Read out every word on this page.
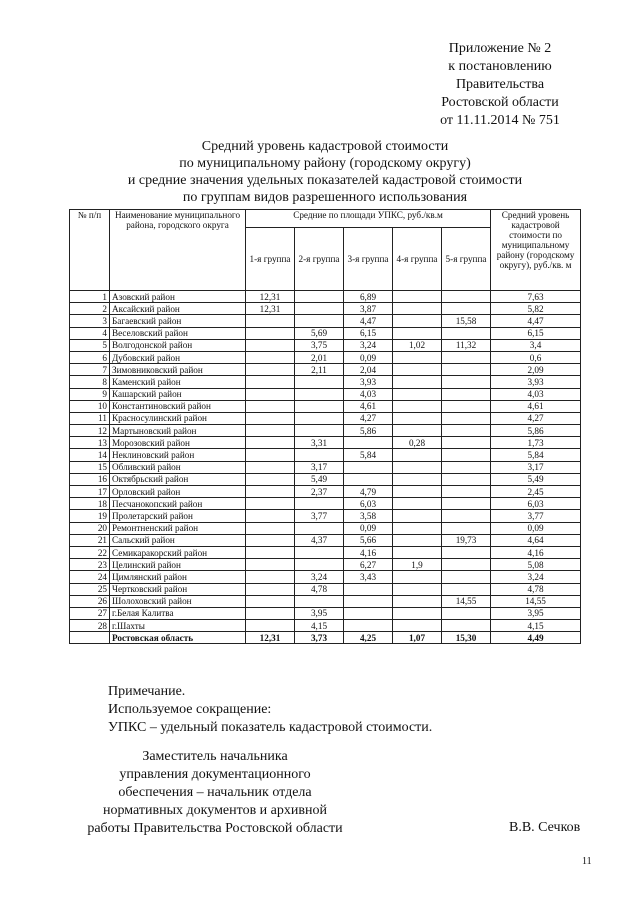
Приложение № 2
к постановлению
Правительства
Ростовской области
от 11.11.2014 № 751
Средний уровень кадастровой стоимости
по муниципальному району (городскому округу)
и средние значения удельных показателей кадастровой стоимости
по группам видов разрешенного использования
№ п/п	Наименование муниципального района, городского округа	Средние по площади УПКС, руб./кв.м					Средний уровень кадастровой стоимости по муниципальному району (городскому округу), руб./кв. м
		1-я группа	2-я группа	3-я группа	4-я группа	5-я группа	
1	Азовский район	12,31		6,89			7,63
2	Аксайский район	12,31		3,87			5,82
3	Багаевский район			4,47		15,58	4,47
4	Веселовский район		5,69	6,15			6,15
5	Волгодонской район		3,75	3,24	1,02	11,32	3,4
6	Дубовский район		2,01	0,09			0,6
7	Зимовниковский район		2,11	2,04			2,09
8	Каменский район			3,93			3,93
9	Кашарский район			4,03			4,03
10	Константиновский район			4,61			4,61
11	Красносулинский район			4,27			4,27
12	Мартыновский район			5,86			5,86
13	Морозовский район		3,31		0,28		1,73
14	Неклиновский район			5,84			5,84
15	Обливский район		3,17				3,17
16	Октябрьский район		5,49				5,49
17	Орловский район		2,37	4,79			2,45
18	Песчанокопский район			6,03			6,03
19	Пролетарский район		3,77	3,58			3,77
20	Ремонтненский район			0,09			0,09
21	Сальский район		4,37	5,66		19,73	4,64
22	Семикаракорский район			4,16			4,16
23	Целинский район			6,27	1,9		5,08
24	Цимлянский район		3,24	3,43			3,24
25	Чертковский район		4,78				4,78
26	Шолоховский район					14,55	14,55
27	г.Белая Калитва		3,95				3,95
28	г.Шахты		4,15				4,15
	Ростовская область	12,31	3,73	4,25	1,07	15,30	4,49
Примечание.
Используемое сокращение:
УПКС – удельный показатель кадастровой стоимости.
Заместитель начальника
управления документационного
обеспечения – начальник отдела
нормативных документов и архивной
работы Правительства Ростовской области	В.В. Сечков
11
